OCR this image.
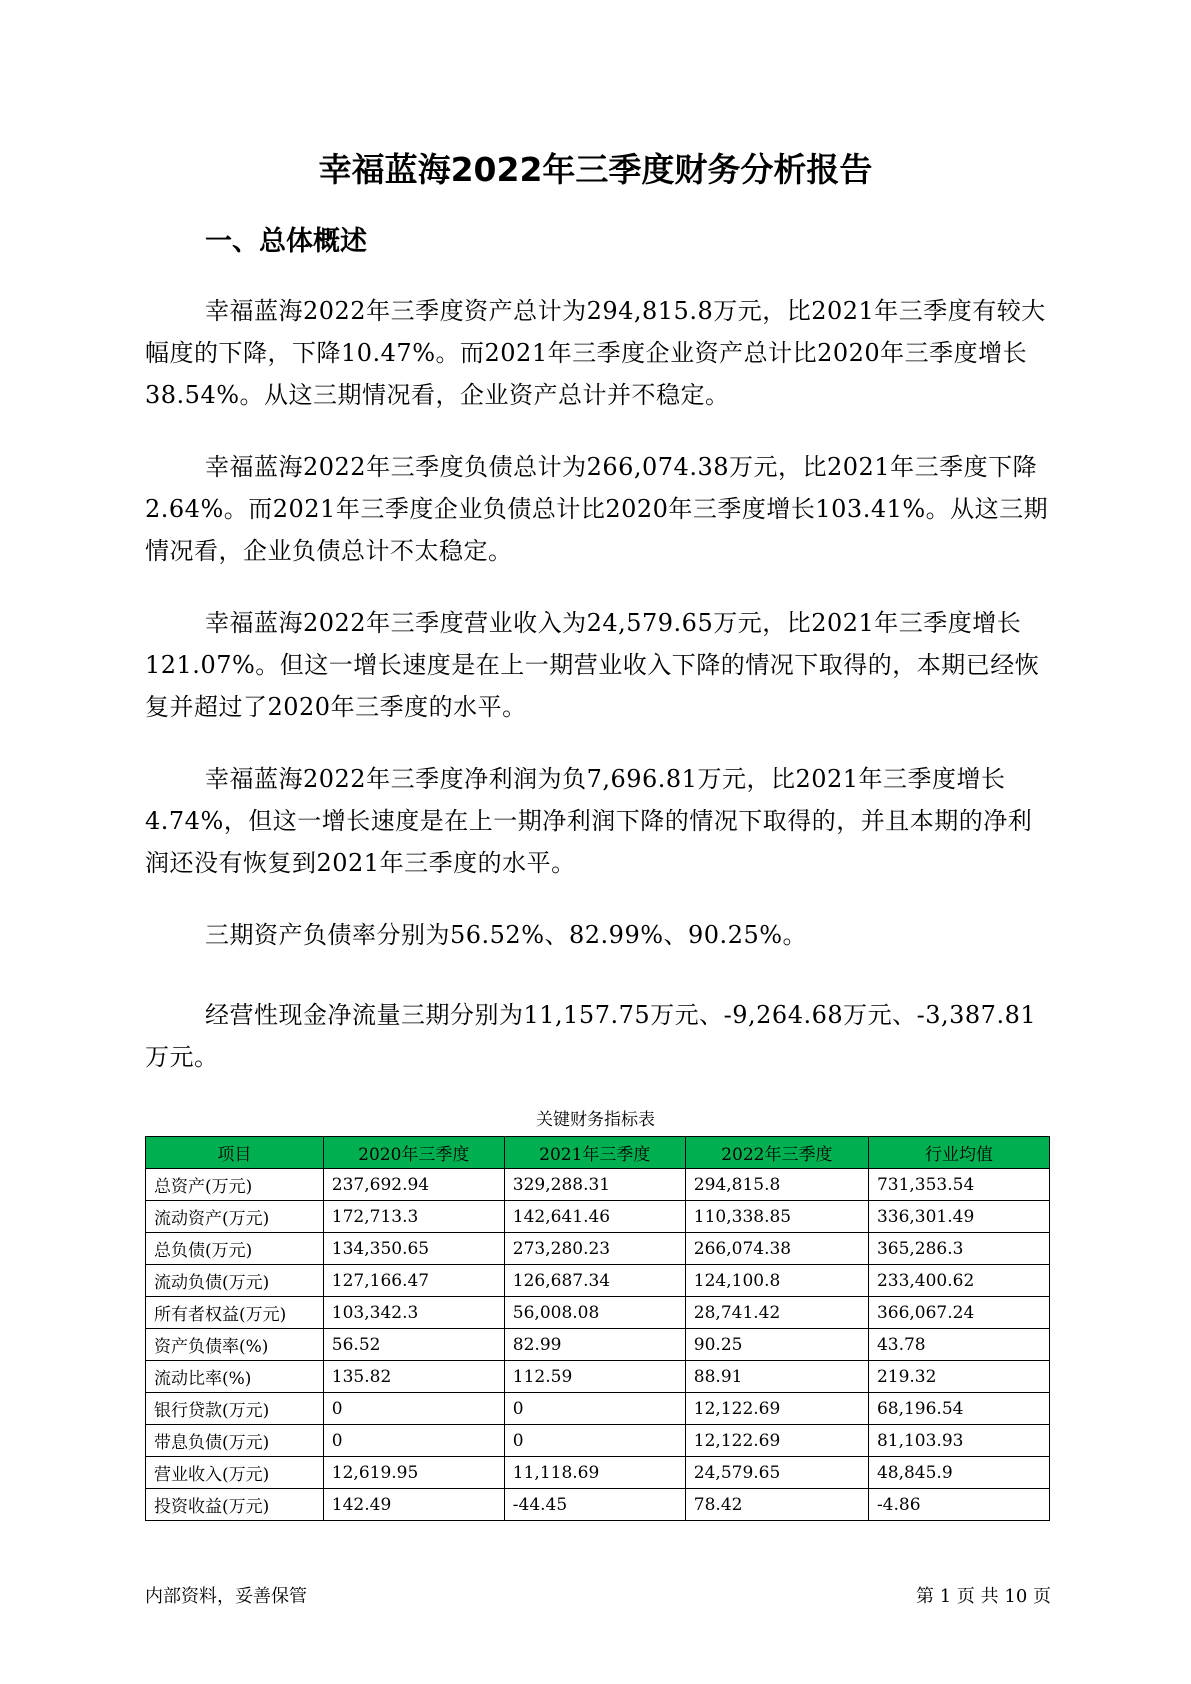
幸福蓝海2022年三季度财务分析报告
一、总体概述

幸福蓝海2022年三季度资产总计为294,815.8万元，比2021年三季度有较大幅度的下降，下降10.47%。而2021年三季度企业资产总计比2020年三季度增长38.54%。从这三期情况看，企业资产总计并不稳定。

幸福蓝海2022年三季度负债总计为266,074.38万元，比2021年三季度下降2.64%。而2021年三季度企业负债总计比2020年三季度增长103.41%。从这三期情况看，企业负债总计不太稳定。

幸福蓝海2022年三季度营业收入为24,579.65万元，比2021年三季度增长121.07%。但这一增长速度是在上一期营业收入下降的情况下取得的，本期已经恢复并超过了2020年三季度的水平。

幸福蓝海2022年三季度净利润为负7,696.81万元，比2021年三季度增长4.74%，但这一增长速度是在上一期净利润下降的情况下取得的，并且本期的净利润还没有恢复到2021年三季度的水平。

三期资产负债率分别为56.52%、82.99%、90.25%。

经营性现金净流量三期分别为11,157.75万元、-9,264.68万元、-3,387.81万元。

关键财务指标表
项目	2020年三季度	2021年三季度	2022年三季度	行业均值
总资产(万元)	237,692.94	329,288.31	294,815.8	731,353.54
流动资产(万元)	172,713.3	142,641.46	110,338.85	336,301.49
总负债(万元)	134,350.65	273,280.23	266,074.38	365,286.3
流动负债(万元)	127,166.47	126,687.34	124,100.8	233,400.62
所有者权益(万元)	103,342.3	56,008.08	28,741.42	366,067.24
资产负债率(%)	56.52	82.99	90.25	43.78
流动比率(%)	135.82	112.59	88.91	219.32
银行贷款(万元)	0	0	12,122.69	68,196.54
带息负债(万元)	0	0	12,122.69	81,103.93
营业收入(万元)	12,619.95	11,118.69	24,579.65	48,845.9
投资收益(万元)	142.49	-44.45	78.42	-4.86
内部资料，妥善保管	第 1 页 共 10 页
